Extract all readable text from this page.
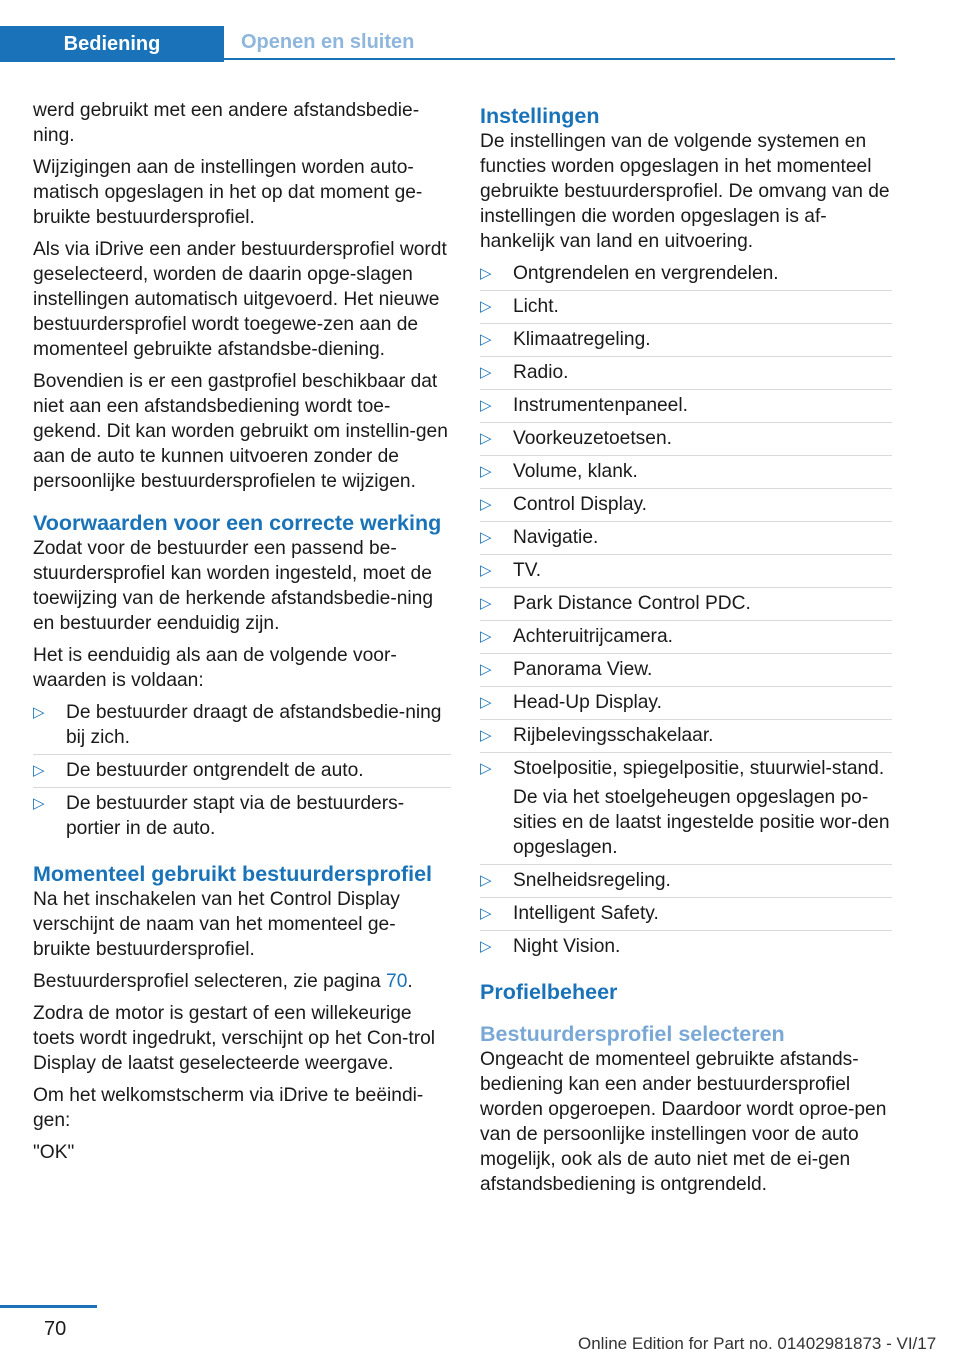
Bediening	Openen en sluiten

werd gebruikt met een andere afstandsbedie-ning.

Wijzigingen aan de instellingen worden auto-matisch opgeslagen in het op dat moment ge-bruikte bestuurdersprofiel.

Als via iDrive een ander bestuurdersprofiel wordt geselecteerd, worden de daarin opge-slagen instellingen automatisch uitgevoerd. Het nieuwe bestuurdersprofiel wordt toegewe-zen aan de momenteel gebruikte afstandsbe-diening.

Bovendien is er een gastprofiel beschikbaar dat niet aan een afstandsbediening wordt toe-gekend. Dit kan worden gebruikt om instellin-gen aan de auto te kunnen uitvoeren zonder de persoonlijke bestuurdersprofielen te wijzigen.

Voorwaarden voor een correcte werking

Zodat voor de bestuurder een passend be-stuurdersprofiel kan worden ingesteld, moet de toewijzing van de herkende afstandsbedie-ning en bestuurder eenduidig zijn.

Het is eenduidig als aan de volgende voor-waarden is voldaan:

▷ De bestuurder draagt de afstandsbedie-ning bij zich.
▷ De bestuurder ontgrendelt de auto.
▷ De bestuurder stapt via de bestuurders-portier in de auto.
Momenteel gebruikt bestuurdersprofiel

Na het inschakelen van het Control Display verschijnt de naam van het momenteel ge-bruikte bestuurdersprofiel.

Bestuurdersprofiel selecteren, zie pagina 70.

Zodra de motor is gestart of een willekeurige toets wordt ingedrukt, verschijnt op het Con-trol Display de laatst geselecteerde weergave.

Om het welkomstscherm via iDrive te beëindi-gen:

"OK"

Instellingen

De instellingen van de volgende systemen en functies worden opgeslagen in het momenteel gebruikte bestuurdersprofiel. De omvang van de instellingen die worden opgeslagen is af-hankelijk van land en uitvoering.

▷ Ontgrendelen en vergrendelen.
▷ Licht.
▷ Klimaatregeling.
▷ Radio.
▷ Instrumentenpaneel.
▷ Voorkeuzetoetsen.
▷ Volume, klank.
▷ Control Display.
▷ Navigatie.
▷ TV.
▷ Park Distance Control PDC.
▷ Achteruitrijcamera.
▷ Panorama View.
▷ Head-Up Display.
▷ Rijbelevingsschakelaar.
▷ Stoelpositie, spiegelpositie, stuurwiel-stand.
De via het stoelgeheugen opgeslagen po-sities en de laatst ingestelde positie wor-den opgeslagen.
▷ Snelheidsregeling.
▷ Intelligent Safety.
▷ Night Vision.
Profielbeheer
Bestuurdersprofiel selecteren

Ongeacht de momenteel gebruikte afstands-bediening kan een ander bestuurdersprofiel worden opgeroepen. Daardoor wordt oproe-pen van de persoonlijke instellingen voor de auto mogelijk, ook als de auto niet met de ei-gen afstandsbediening is ontgrendeld.

70
Online Edition for Part no. 01402981873 - VI/17
